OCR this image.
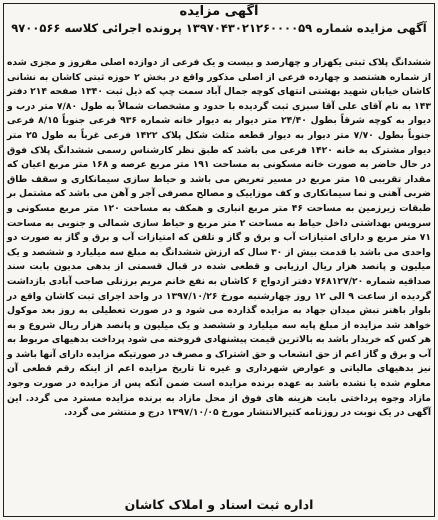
آگهی مزایده
آگهی مزایده شماره ۱۳۹۷۰۴۳۰۲۱۲۶۰۰۰۰۵۹ پرونده اجرائی کلاسه ۹۷۰۰۵۶۶

ششدانگ پلاک ثبتی یکهزار و چهارصد و بیست و یک فرعی از دوازده اصلی مفروز و مجزی شده از شماره هشتصد و چهارده فرعی از اصلی مذکور واقع در بخش ۲ حوزه ثبتی کاشان به نشانی کاشان خیابان شهید بهشتی انتهای کوچه جمال آباد سمت چپ که ذیل ثبت ۱۳۴۰ صفحه ۲۱۴ دفتر ۱۴۳ به نام آقای علی آقا سبزی ثبت گردیده با حدود و مشخصات شمالاً به طول ۷/۸۰ متر درب و دیوار به کوچه شرقاً بطول ۲۴/۴۰ متر دیوار به دیوار خانه شماره ۹۳۶ فرعی جنوباً ۸/۱۵ فرعی جنوباً بطول ۷/۷۰ متر دیوار به دیوار قطعه مثلث شکل پلاک ۱۴۲۲ فرعی غرباً به طول ۲۵ متر دیوار مشترک به خانه ۱۴۲۰ فرعی می باشد که طبق نظر کارشناس رسمی ششدانگ پلاک فوق در حال حاضر به صورت خانه مسکونی به مساحت ۱۹۱ متر مربع عرصه و ۱۶۸ متر مربع اعیان که مقدار تقریبی ۱۵ متر مربع در مسیر تعریض می باشد و حیاط سازی سیمانکاری و سقف طاق ضربی آهنی و نما سیمانکاری و کف موزاییک و مصالح مصرفی آجر و آهن می باشد که مشتمل بر طبقات زیرزمین به مساحت ۴۶ متر مربع انباری و همکف به مساحت ۱۲۰ متر مربع مسکونی و سرویس بهداشتی داخل حیاط به مساحت ۲ متر مربع و حیاط سازی شمالی و جنوبی به مساحت ۷۱ متر مربع و دارای امتیازات آب و برق و گاز و تلفن که امتیازات آب و برق و گاز به صورت دو واحدی می باشد با قدمت بیش از ۳۰ سال که ارزش ششدانگ به مبلغ سه میلیارد و ششصد و یک میلیون و پانصد هزار ریال ارزیابی و قطعی شده در قبال قسمتی از بدهی مدیون بابت سند صداقیه شماره ۷۶۸۱۲۷/۲۰ دفتر ازدواج ۶ کاشان به نفع خانم مریم برزنلی صاحب آبادی بازداشت گردیده از ساعت ۹ الی ۱۲ روز چهارشنبه مورخ ۱۳۹۷/۱۰/۲۶ در واحد اجرای ثبت کاشان واقع در بلوار باهنر نبش میدان جهاد به مزایده گذارده می شود و در صورت تعطیلی به روز بعد موکول خواهد شد مزایده از مبلغ پایه سه میلیارد و ششصد و یک میلیون و پانصد هزار ریال شروع و به هر کس که خریدار باشد به بالاترین قیمت پیشنهادی فروخته می شود پرداخت بدهیهای مربوط به آب و برق و گاز اعم از حق انشعاب و حق اشتراک و مصرف در صورتیکه مزایده دارای آنها باشد و نیز بدهیهای مالیاتی و عوارض شهرداری و غیره تا تاریخ مزایده اعم از اینکه رقم قطعی آن معلوم شده یا نشده باشد به عهده برنده مزایده است ضمن آنکه پس از مزایده در صورت وجود مازاد وجوه پرداختی بابت هزینه های فوق از محل مازاد به برنده مزایده مسترد می گردد. این آگهی در یک نوبت در روزنامه کثیرالانتشار مورخ ۱۳۹۷/۱۰/۰۵ درج و منتشر می گردد.

اداره ثبت اسناد و املاک کاشان
